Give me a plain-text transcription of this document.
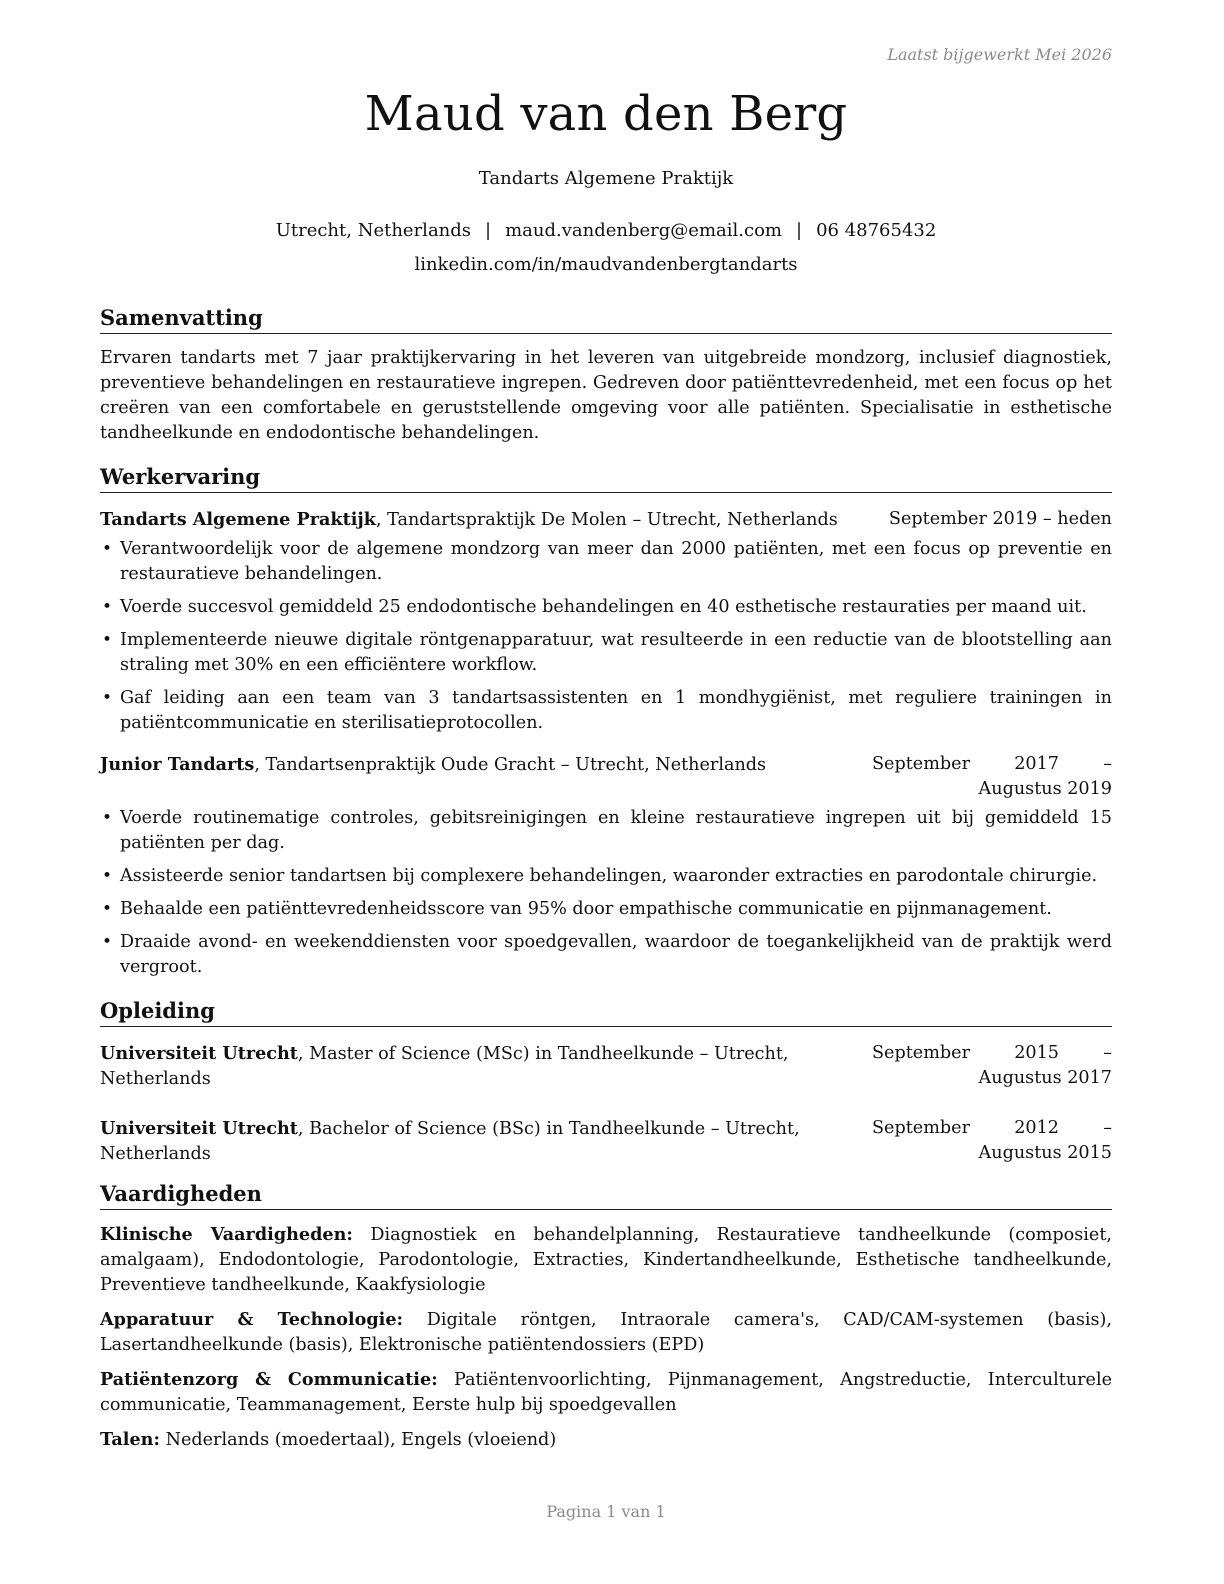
Laatst bijgewerkt Mei 2026
Maud van den Berg
Tandarts Algemene Praktijk
Utrecht, Netherlands | maud.vandenberg@email.com | 06 48765432
linkedin.com/in/maudvandenbergtandarts
Samenvatting

Ervaren tandarts met 7 jaar praktijkervaring in het leveren van uitgebreide mondzorg, inclusief diagnostiek, preventieve behandelingen en restauratieve ingrepen. Gedreven door patiënttevredenheid, met een focus op het creëren van een comfortabele en geruststellende omgeving voor alle patiënten. Specialisatie in esthetische tandheelkunde en endodontische behandelingen.

Werkervaring
Tandarts Algemene Praktijk, Tandartspraktijk De Molen – Utrecht, Netherlands	September 2019 – heden
• Verantwoordelijk voor de algemene mondzorg van meer dan 2000 patiënten, met een focus op preventie en restauratieve behandelingen.
• Voerde succesvol gemiddeld 25 endodontische behandelingen en 40 esthetische restauraties per maand uit.
• Implementeerde nieuwe digitale röntgenapparatuur, wat resulteerde in een reductie van de blootstelling aan straling met 30% en een efficiëntere workflow.
• Gaf leiding aan een team van 3 tandartsassistenten en 1 mondhygiënist, met reguliere trainingen in patiëntcommunicatie en sterilisatieprotocollen.
Junior Tandarts, Tandartsenpraktijk Oude Gracht – Utrecht, Netherlands	September 2017 – Augustus 2019
• Voerde routinematige controles, gebitsreinigingen en kleine restauratieve ingrepen uit bij gemiddeld 15 patiënten per dag.
• Assisteerde senior tandartsen bij complexere behandelingen, waaronder extracties en parodontale chirurgie.
• Behaalde een patiënttevredenheidsscore van 95% door empathische communicatie en pijnmanagement.
• Draaide avond- en weekenddiensten voor spoedgevallen, waardoor de toegankelijkheid van de praktijk werd vergroot.
Opleiding
Universiteit Utrecht, Master of Science (MSc) in Tandheelkunde – Utrecht, Netherlands
September 2015 – Augustus 2017
Universiteit Utrecht, Bachelor of Science (BSc) in Tandheelkunde – Utrecht, Netherlands
September 2012 – Augustus 2015
Vaardigheden

Klinische Vaardigheden: Diagnostiek en behandelplanning, Restauratieve tandheelkunde (composiet, amalgaam), Endodontologie, Parodontologie, Extracties, Kindertandheelkunde, Esthetische tandheelkunde, Preventieve tandheelkunde, Kaakfysiologie

Apparatuur & Technologie: Digitale röntgen, Intraorale camera's, CAD/CAM-systemen (basis), Lasertandheelkunde (basis), Elektronische patiëntendossiers (EPD)

Patiëntenzorg & Communicatie: Patiëntenvoorlichting, Pijnmanagement, Angstreductie, Interculturele communicatie, Teammanagement, Eerste hulp bij spoedgevallen

Talen: Nederlands (moedertaal), Engels (vloeiend)

Pagina 1 van 1
